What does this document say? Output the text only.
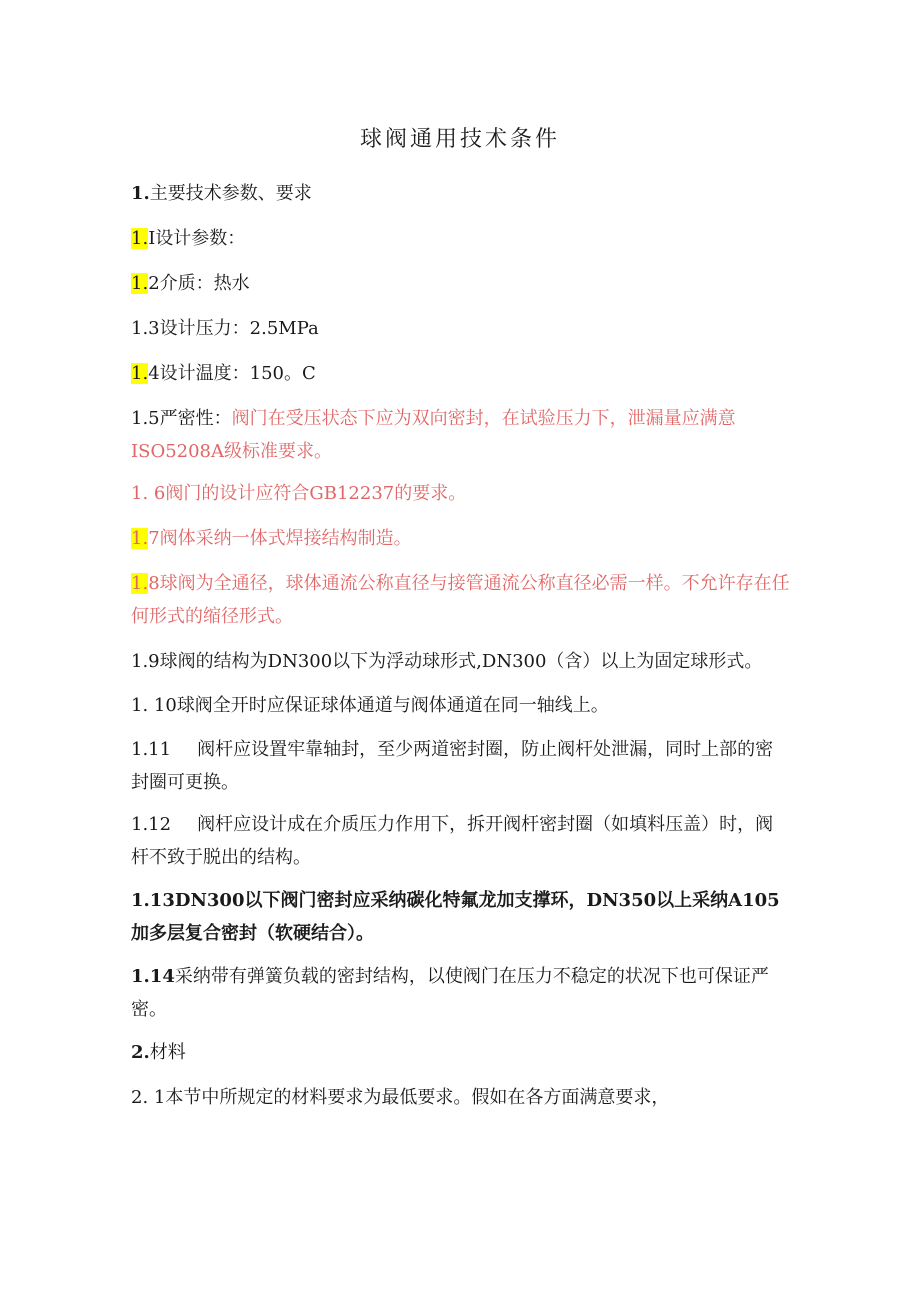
球阀通用技术条件
1.主要技术参数、要求
1.I设计参数：
1.2介质：热水
1.3设计压力：2.5MPa
1.4设计温度：150。C
1.5严密性：阀门在受压状态下应为双向密封，在试验压力下，泄漏量应满意ISO5208A级标准要求。
1. 6阀门的设计应符合GB12237的要求。
1.7阀体采纳一体式焊接结构制造。
1.8球阀为全通径，球体通流公称直径与接管通流公称直径必需一样。不允许存在任何形式的缩径形式。
1.9球阀的结构为DN300以下为浮动球形式,DN300（含）以上为固定球形式。
1. 10球阀全开时应保证球体通道与阀体通道在同一轴线上。
1.11 阀杆应设置牢靠轴封，至少两道密封圈，防止阀杆处泄漏，同时上部的密封圈可更换。
1.12 阀杆应设计成在介质压力作用下，拆开阀杆密封圈（如填料压盖）时，阀杆不致于脱出的结构。
1.13DN300以下阀门密封应采纳碳化特氟龙加支撑环，DN350以上采纳A105加多层复合密封（软硬结合）。
1.14采纳带有弹簧负载的密封结构，以使阀门在压力不稳定的状况下也可保证严密。
2.材料
2. 1本节中所规定的材料要求为最低要求。假如在各方面满意要求，
